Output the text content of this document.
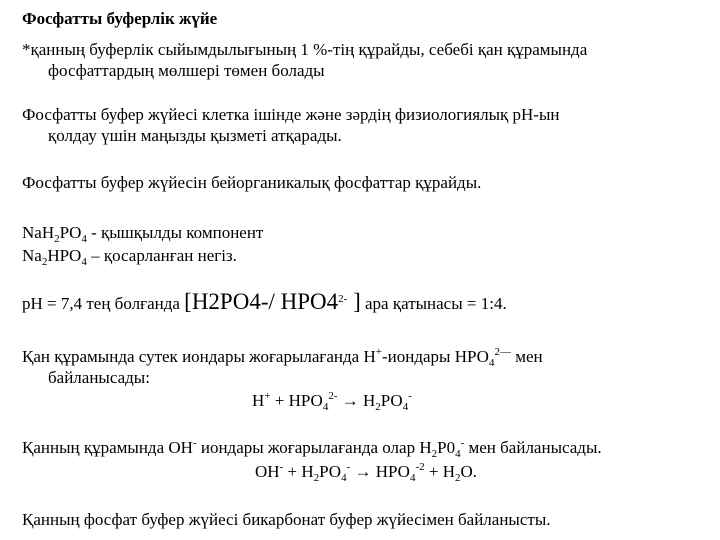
Фосфатты буферлік жүйе
*қанның буферлік сыйымдылығының 1 %-тің құрайды, себебі қан құрамында
фосфаттардың мөлшері төмен болады
Фосфатты буфер жүйесі клетка ішінде және зәрдің физиологиялық рН-ын
қолдау үшін маңызды қызметі атқарады.
Фосфатты буфер жүйесін бейорганикалық фосфаттар құрайды.
$NaH_2PO_4$ - қышқылды компонент
$Na_2HPO_4$ – қосарланған негіз.
pH = 7,4 тең болғанда [H2PO4-/ $HPO4^{2-}$ ] ара қатынасы = 1:4.
Қан құрамында сутек иондары жоғарылағанда Н+-иондары $НРО_4^{2—}$ мен
байланысады:
$Н^+ + НРО_4^{2-} \to Н_2РО_4^-$
Қанның құрамында ОН- иондары жоғарылағанда олар $Н_2Р0_4^-$ мен байланысады.
$ОН^- + Н_2РО_4^- \to НРО_4^{-2} + Н_2О$.
Қанның фосфат буфер жүйесі бикарбонат буфер жүйесімен байланысты.
